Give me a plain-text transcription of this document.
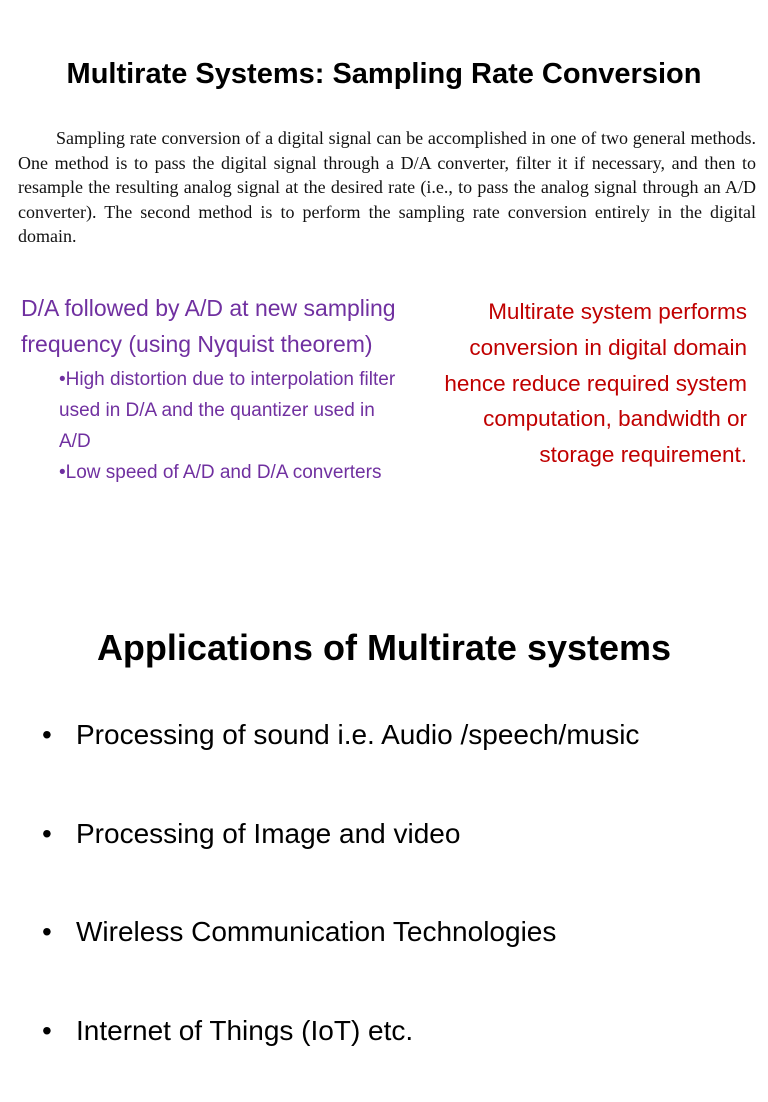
Multirate Systems: Sampling Rate Conversion

Sampling rate conversion of a digital signal can be accomplished in one of two general methods. One method is to pass the digital signal through a D/A converter, filter it if necessary, and then to resample the resulting analog signal at the desired rate (i.e., to pass the analog signal through an A/D converter). The second method is to perform the sampling rate conversion entirely in the digital domain.

D/A followed by A/D at new sampling frequency (using Nyquist theorem)

•High distortion due to interpolation filter used in D/A and the quantizer used in A/D
•Low speed of A/D and D/A converters

Multirate system performs conversion in digital domain hence reduce required system computation, bandwidth or storage requirement.

Applications of Multirate systems
• Processing of sound i.e. Audio /speech/music
• Processing of Image and video
• Wireless Communication Technologies
• Internet of Things (IoT) etc.
